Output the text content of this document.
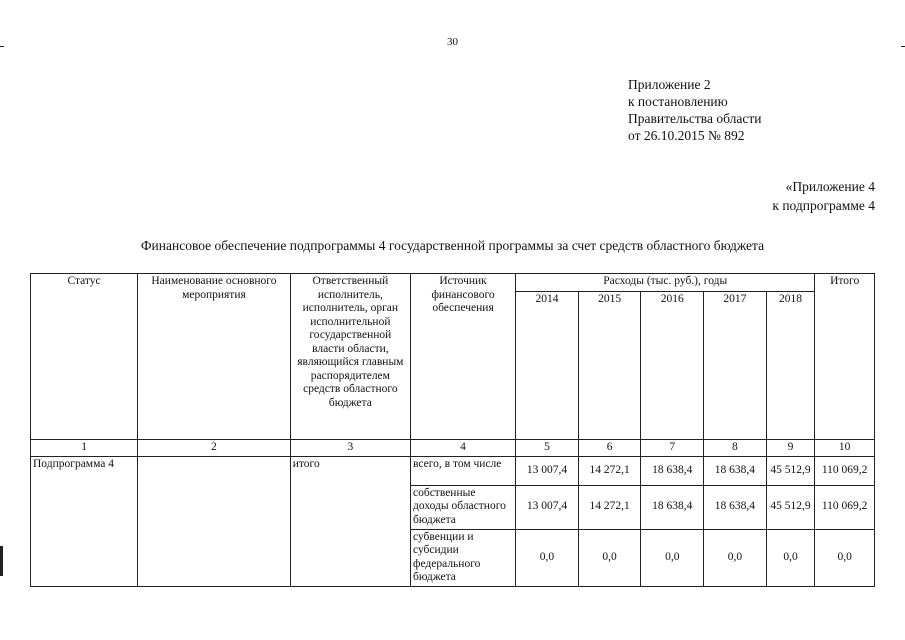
30
Приложение 2
к постановлению
Правительства области
от 26.10.2015 № 892
«Приложение 4
к подпрограмме 4
Финансовое обеспечение подпрограммы 4 государственной программы за счет средств областного бюджета
Статус	Наименование основного мероприятия	Ответственный исполнитель, исполнитель, орган исполнительной государственной власти области, являющийся главным распорядителем средств областного бюджета	Источник финансового обеспечения	Расходы (тыс. руб.), годы					Итого
				2014	2015	2016	2017	2018	
1	2	3	4	5	6	7	8	9	10
Подпрограмма 4		итого	всего, в том числе	13 007,4	14 272,1	18 638,4	18 638,4	45 512,9	110 069,2
			собственные доходы областного бюджета	13 007,4	14 272,1	18 638,4	18 638,4	45 512,9	110 069,2
			субвенции и субсидии федерального бюджета	0,0	0,0	0,0	0,0	0,0	0,0
